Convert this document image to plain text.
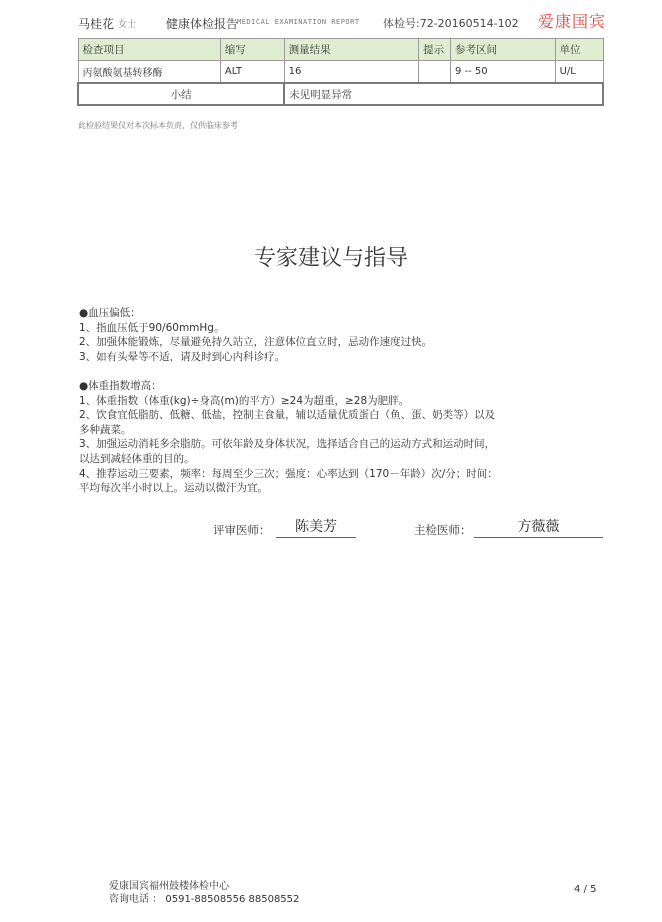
马桂花 女士 健康体检报告
MEDICAL EXAMINATION REPORT 体检号:72-20160514-102 爱康国宾
检查项目	缩写	测量结果	提示	参考区间	单位
丙氨酸氨基转移酶	ALT	16		9 -- 50	U/L
小结		未见明显异常			
此检验结果仅对本次标本负责，仅供临床参考
专家建议与指导

●血压偏低：

1、指血压低于90/60mmHg。

2、加强体能锻炼，尽量避免持久站立，注意体位直立时，忌动作速度过快。

3、如有头晕等不适，请及时到心内科诊疗。

●体重指数增高：

1、体重指数（体重(kg)÷身高(m)的平方）≥24为超重，≥28为肥胖。

2、饮食宜低脂肪、低糖、低盐，控制主食量，辅以适量优质蛋白（鱼、蛋、奶类等）以及

多种蔬菜。

3、加强运动消耗多余脂肪。可依年龄及身体状况，选择适合自己的运动方式和运动时间，

以达到减轻体重的目的。

4、推荐运动三要素，频率：每周至少三次；强度：心率达到（170－年龄）次/分；时间：

平均每次半小时以上。运动以微汗为宜。

评审医师：	陈美芳	主检医师：	方薇薇
爱康国宾福州鼓楼体检中心
咨询电话 ： 0591-88508556 88508552
4 / 5
